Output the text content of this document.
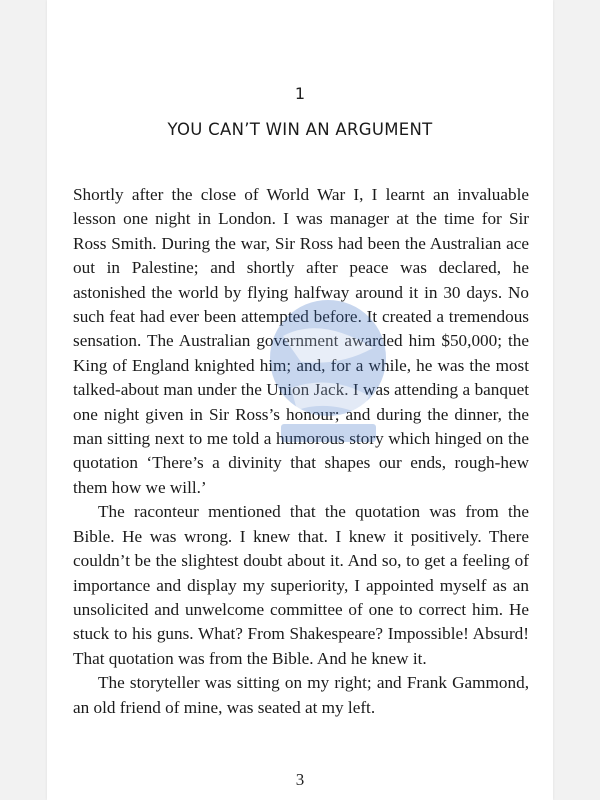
1
YOU CAN’T WIN AN ARGUMENT

Shortly after the close of World War I, I learnt an invaluable lesson one night in London. I was manager at the time for Sir Ross Smith. During the war, Sir Ross had been the Australian ace out in Palestine; and shortly after peace was declared, he astonished the world by flying halfway around it in 30 days. No such feat had ever been attempted before. It created a tremendous sensation. The Australian government awarded him $50,000; the King of England knighted him; and, for a while, he was the most talked-about man under the Union Jack. I was attending a banquet one night given in Sir Ross’s honour; and during the dinner, the man sitting next to me told a humorous story which hinged on the quotation ‘There’s a divinity that shapes our ends, rough-hew them how we will.’

The raconteur mentioned that the quotation was from the Bible. He was wrong. I knew that. I knew it positively. There couldn’t be the slightest doubt about it. And so, to get a feeling of importance and display my superiority, I appointed myself as an unsolicited and unwelcome committee of one to correct him. He stuck to his guns. What? From Shakespeare? Impossible! Absurd! That quotation was from the Bible. And he knew it.

The storyteller was sitting on my right; and Frank Gammond, an old friend of mine, was seated at my left.

3
